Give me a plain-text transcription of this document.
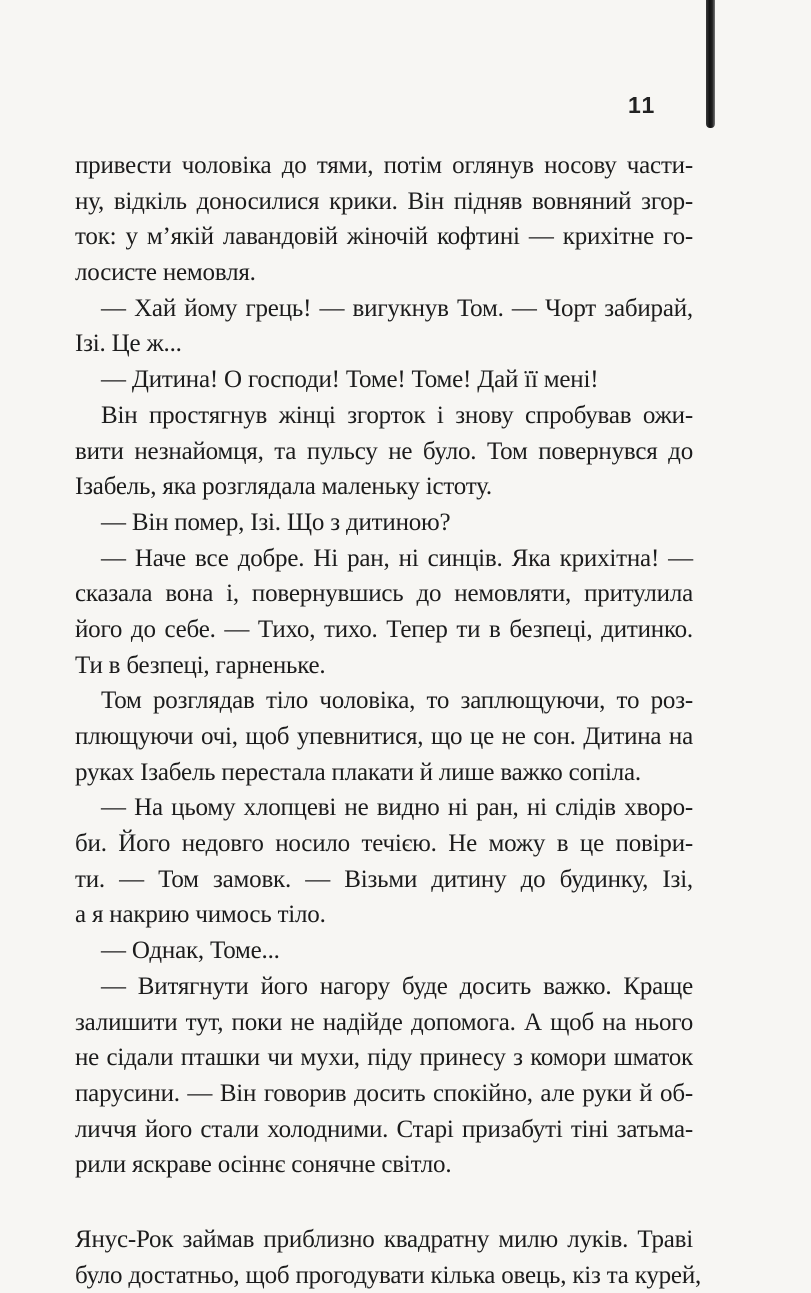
11
привести чоловіка до тями, потім оглянув носову части-
ну, відкіль доносилися крики. Він підняв вовняний згор-
ток: у м’якій лавандовій жіночій кофтині — крихітне го-
лосисте немовля.
— Хай йому грець! — вигукнув Том. — Чорт забирай,
Ізі. Це ж...
— Дитина! О господи! Томе! Томе! Дай її мені!
Він простягнув жінці згорток і знову спробував ожи-
вити незнайомця, та пульсу не було. Том повернувся до
Ізабель, яка розглядала маленьку істоту.
— Він помер, Ізі. Що з дитиною?
— Наче все добре. Ні ран, ні синців. Яка крихітна! —
сказала вона і, повернувшись до немовляти, притулила
його до себе. — Тихо, тихо. Тепер ти в безпеці, дитинко.
Ти в безпеці, гарненьке.
Том розглядав тіло чоловіка, то заплющуючи, то роз-
плющуючи очі, щоб упевнитися, що це не сон. Дитина на
руках Ізабель перестала плакати й лише важко сопіла.
— На цьому хлопцеві не видно ні ран, ні слідів хворо-
би. Його недовго носило течією. Не можу в це повіри-
ти. — Том замовк. — Візьми дитину до будинку, Ізі,
а я накрию чимось тіло.
— Однак, Томе...
— Витягнути його нагору буде досить важко. Краще
залишити тут, поки не надійде допомога. А щоб на нього
не сідали пташки чи мухи, піду принесу з комори шматок
парусини. — Він говорив досить спокійно, але руки й об-
личчя його стали холодними. Старі призабуті тіні затьма-
рили яскраве осіннє сонячне світло.
Янус-Рок займав приблизно квадратну милю луків. Траві
було достатньо, щоб прогодувати кілька овець, кіз та курей,
